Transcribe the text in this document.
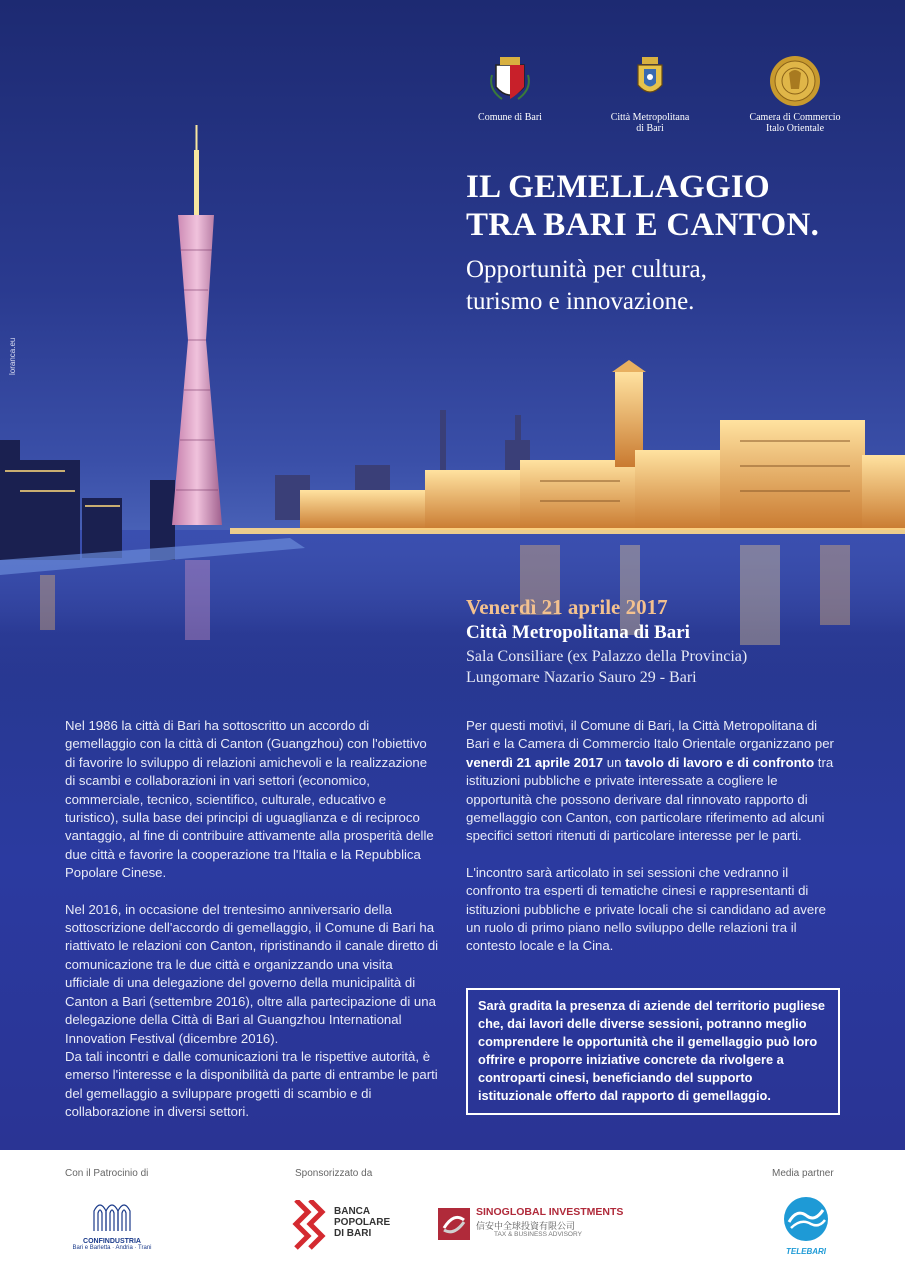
Comune di Bari	Città Metropolitana
di Bari
Camera di Commercio
Italo Orientale
loranca.eu
IL GEMELLAGGIO
TRA BARI E CANTON.
Opportunità per cultura,
turismo e innovazione.
Venerdì 21 aprile 2017
Città Metropolitana di Bari
Sala Consiliare (ex Palazzo della Provincia)
Lungomare Nazario Sauro 29 - Bari

Nel 1986 la città di Bari ha sottoscritto un accordo di gemellaggio con la città di Canton (Guangzhou) con l'obiettivo di favorire lo sviluppo di relazioni amichevoli e la realizzazione di scambi e collaborazioni in vari settori (economico, commerciale, tecnico, scientifico, culturale, educativo e turistico), sulla base dei principi di uguaglianza e di reciproco vantaggio, al fine di contribuire attivamente alla prosperità delle due città e favorire la cooperazione tra l'Italia e la Repubblica Popolare Cinese.

Nel 2016, in occasione del trentesimo anniversario della sottoscrizione dell'accordo di gemellaggio, il Comune di Bari ha riattivato le relazioni con Canton, ripristinando il canale diretto di comunicazione tra le due città e organizzando una visita ufficiale di una delegazione del governo della municipalità di Canton a Bari (settembre 2016), oltre alla partecipazione di una delegazione della Città di Bari al Guangzhou International Innovation Festival (dicembre 2016).

Da tali incontri e dalle comunicazioni tra le rispettive autorità, è emerso l'interesse e la disponibilità da parte di entrambe le parti del gemellaggio a sviluppare progetti di scambio e di collaborazione in diversi settori.

Per questi motivi, il Comune di Bari, la Città Metropolitana di Bari e la Camera di Commercio Italo Orientale organizzano per venerdì 21 aprile 2017 un tavolo di lavoro e di confronto tra istituzioni pubbliche e private interessate a cogliere le opportunità che possono derivare dal rinnovato rapporto di gemellaggio con Canton, con particolare riferimento ad alcuni specifici settori ritenuti di particolare interesse per le parti.

L'incontro sarà articolato in sei sessioni che vedranno il confronto tra esperti di tematiche cinesi e rappresentanti di istituzioni pubbliche e private locali che si candidano ad avere un ruolo di primo piano nello sviluppo delle relazioni tra il contesto locale e la Cina.

Sarà gradita la presenza di aziende del territorio pugliese che, dai lavori delle diverse sessioni, potranno meglio comprendere le opportunità che il gemellaggio può loro offrire e proporre iniziative concrete da rivolgere a controparti cinesi, beneficiando del supporto istituzionale offerto dal rapporto di gemellaggio.
Con il Patrocinio di	Sponsorizzato da	Media partner
CONFINDUSTRIA
Bari e Barletta · Andria · Trani
BANCA
POPOLARE
DI BARI
SINOGLOBAL INVESTMENTS
信安中全球投資有限公司
TAX & BUSINESS ADVISORY
TELEBARI
